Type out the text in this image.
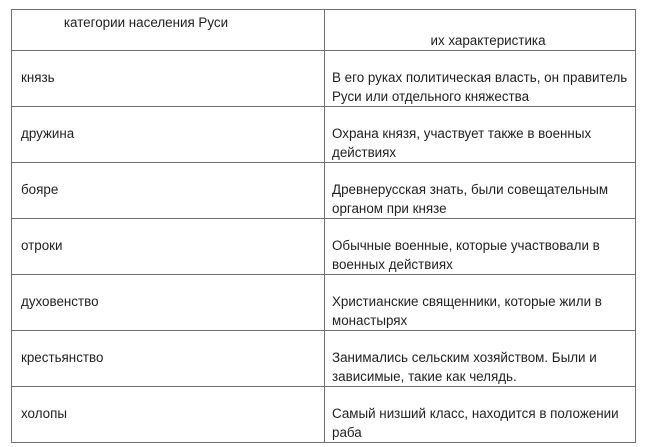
категории населения Руси	их характеристика
князь	В его руках политическая власть, он правитель Руси или отдельного княжества
дружина	Охрана князя, участвует также в военных действиях
бояре	Древнерусская знать, были совещательным органом при князе
отроки	Обычные военные, которые участвовали в военных действиях
духовенство	Христианские священники, которые жили в монастырях
крестьянство	Занимались сельским хозяйством. Были и зависимые, такие как челядь.
холопы	Самый низший класс, находится в положении раба
